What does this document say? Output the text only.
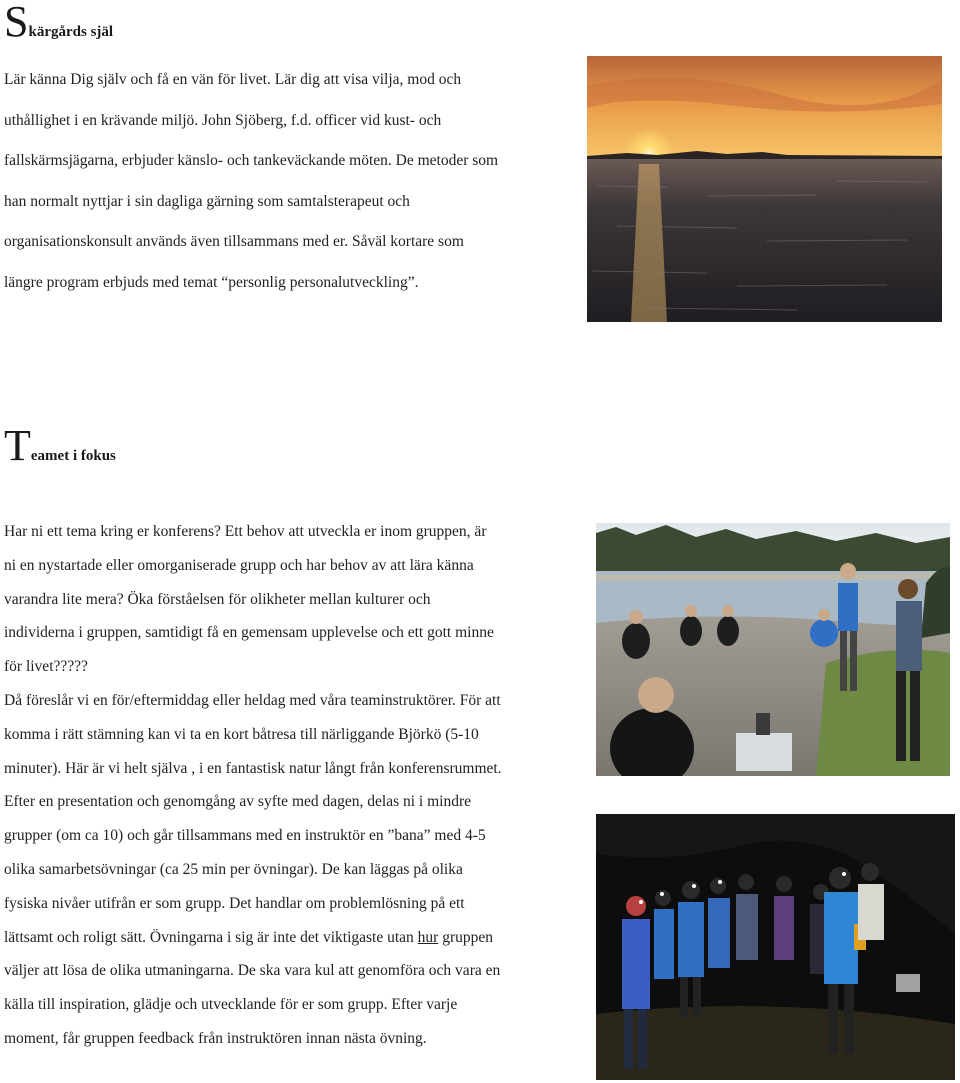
Skärgårds själ
Lär känna Dig själv och få en vän för livet. Lär dig att visa vilja, mod och
uthållighet i en krävande miljö. John Sjöberg, f.d. officer vid kust- och
fallskärmsjägarna, erbjuder känslo- och tankeväckande möten. De metoder som
han normalt nyttjar i sin dagliga gärning som samtalsterapeut och
organisationskonsult används även tillsammans med er. Såväl kortare som
längre program erbjuds med temat “personlig personalutveckling”.
Teamet i fokus
Har ni ett tema kring er konferens? Ett behov att utveckla er inom gruppen, är
ni en nystartade eller omorganiserade grupp och har behov av att lära känna
varandra lite mera? Öka förståelsen för olikheter mellan kulturer och
individerna i gruppen, samtidigt få en gemensam upplevelse och ett gott minne
för livet?????
Då föreslår vi en för/eftermiddag eller heldag med våra teaminstruktörer. För att
komma i rätt stämning kan vi ta en kort båtresa till närliggande Björkö (5-10
minuter). Här är vi helt själva , i en fantastisk natur långt från konferensrummet.
Efter en presentation och genomgång av syfte med dagen, delas ni i mindre
grupper (om ca 10) och går tillsammans med en instruktör en ”bana” med 4-5
olika samarbetsövningar (ca 25 min per övningar). De kan läggas på olika
fysiska nivåer utifrån er som grupp. Det handlar om problemlösning på ett
lättsamt och roligt sätt. Övningarna i sig är inte det viktigaste utan hur gruppen
väljer att lösa de olika utmaningarna. De ska vara kul att genomföra och vara en
källa till inspiration, glädje och utvecklande för er som grupp. Efter varje
moment, får gruppen feedback från instruktören innan nästa övning.
